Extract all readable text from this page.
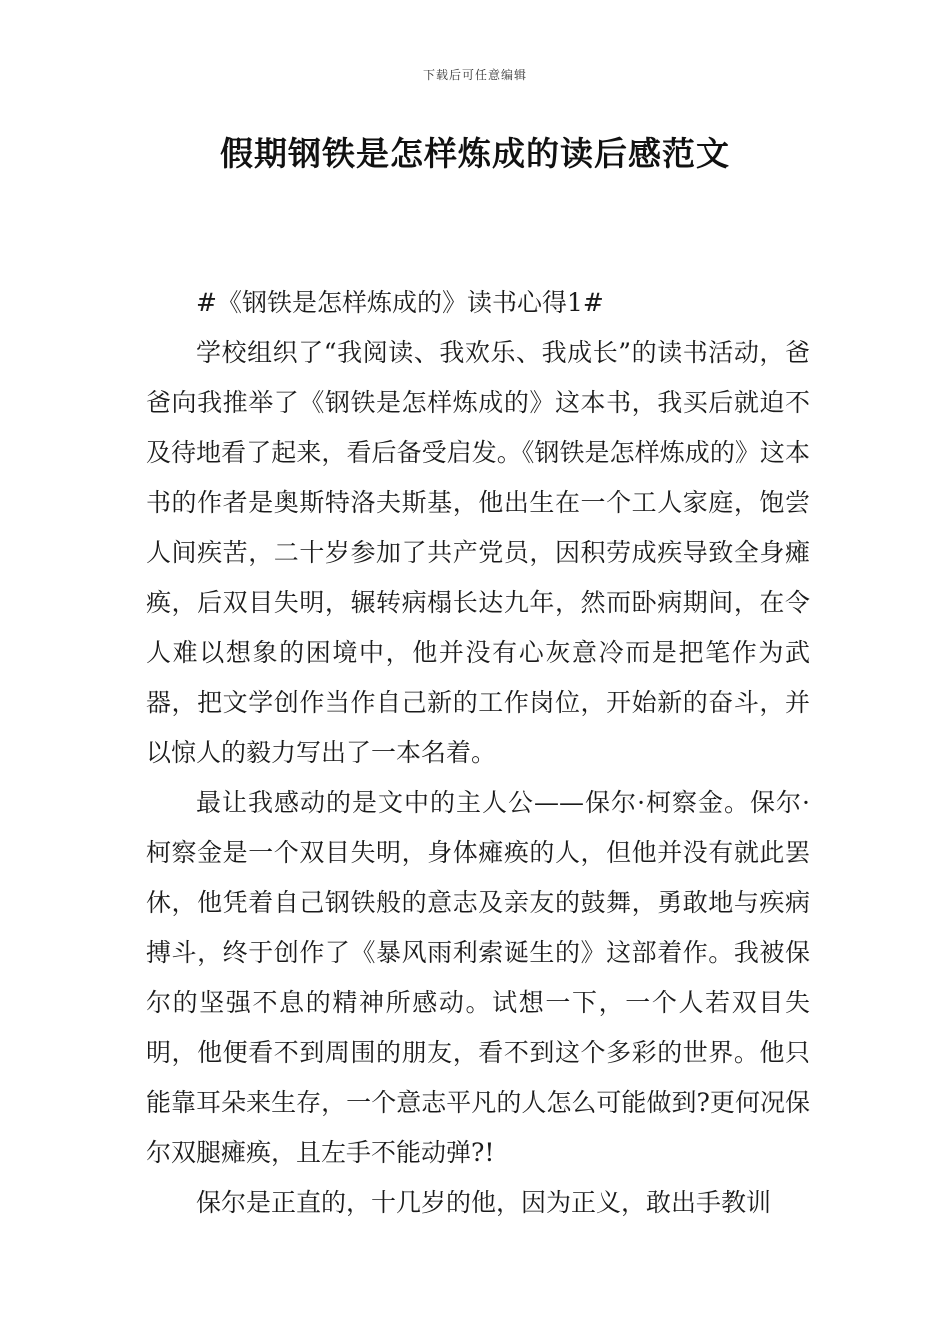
下载后可任意编辑
假期钢铁是怎样炼成的读后感范文

#《钢铁是怎样炼成的》读书心得1#

学校组织了“我阅读、我欢乐、我成长”的读书活动，爸爸向我推举了《钢铁是怎样炼成的》这本书，我买后就迫不及待地看了起来，看后备受启发。《钢铁是怎样炼成的》这本书的作者是奥斯特洛夫斯基，他出生在一个工人家庭，饱尝人间疾苦，二十岁参加了共产党员，因积劳成疾导致全身瘫痪，后双目失明，辗转病榻长达九年，然而卧病期间，在令人难以想象的困境中，他并没有心灰意冷而是把笔作为武器，把文学创作当作自己新的工作岗位，开始新的奋斗，并以惊人的毅力写出了一本名着。

最让我感动的是文中的主人公——保尔·柯察金。保尔·柯察金是一个双目失明，身体瘫痪的人，但他并没有就此罢休，他凭着自己钢铁般的意志及亲友的鼓舞，勇敢地与疾病搏斗，终于创作了《暴风雨利索诞生的》这部着作。我被保尔的坚强不息的精神所感动。试想一下，一个人若双目失明，他便看不到周围的朋友，看不到这个多彩的世界。他只能靠耳朵来生存，一个意志平凡的人怎么可能做到?更何况保尔双腿瘫痪，且左手不能动弹?!

保尔是正直的，十几岁的他，因为正义，敢出手教训
